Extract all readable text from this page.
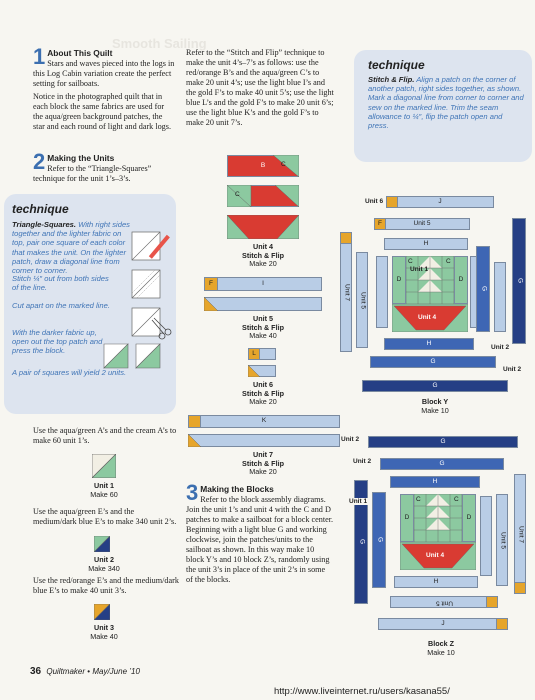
Smooth Sailing
1 About This Quilt
Stars and waves pieced into the logs in this Log Cabin variation create the perfect setting for sailboats.

Notice in the photographed quilt that in each block the same fabrics are used for the aqua/green background patches, the star and each round of light and dark logs.

2 Making the Units
Refer to the “Triangle-Squares” technique for the unit 1’s–3’s.
technique
Triangle-Squares. With right sides together and the lighter fabric on top, pair one square of each color that makes the unit. On the lighter patch, draw a diagonal line from corner to corner.
Stitch ¼″ out from both sides of the line.
Cut apart on the marked line.
With the darker fabric up, open out the top patch and press the block.
A pair of squares will yield 2 units.
Use the aqua/green A’s and the cream A’s to make 60 unit 1’s.
Unit 1
Make 60
Use the aqua/green E’s and the medium/dark blue E’s to make 340 unit 2’s.
Unit 2
Make 340
Use the red/orange E’s and the medium/dark blue E’s to make 40 unit 3’s.
Unit 3
Make 40
Refer to the “Stitch and Flip” technique to make the unit 4’s–7’s as follows: use the red/orange B’s and the aqua/green C’s to make 20 unit 4’s; use the light blue I’s and the gold F’s to make 40 unit 5’s; use the light blue L’s and the gold F’s to make 20 unit 6’s; use the light blue K’s and the gold F’s to make 20 unit 7’s.
B C
C
Unit 4
Stitch & Flip
Make 20
I
F
Unit 5
Stitch & Flip
Make 40
L
Unit 6
Stitch & Flip
Make 20
K
Unit 7
Stitch & Flip
Make 20
3 Making the Blocks
Refer to the block assembly diagrams. Join the unit 1’s and unit 4 with the C and D patches to make a sailboat for a block center. Beginning with a light blue G and working clockwise, join the patches/units to the sailboat as shown. In this way make 10 block Y’s and 10 block Z’s, randomly using the unit 3’s in place of the unit 2’s in some of the blocks.
technique
Stitch & Flip. Align a patch on the corner of another patch, right sides together, as shown. Mark a diagonal line from corner to corner and sew on the marked line. Trim the seam allowance to ¼″, flip the patch open and press.
Unit 6	J
Unit 5
F
H
Unit 7 Unit 5
D	D
C	C
Unit 1
Unit 4
G
G
H
Unit 2
G
Unit 2
G
Block Y
Make 10
Unit 2	G
Unit 2	G
H
G G
D	D
C	C
Unit 4
Unit 1
Unit 5 Unit 7
H
Unit 5
J
Block Z
Make 10
36 Quiltmaker • May/June ’10
http://www.liveinternet.ru/users/kasana55/
